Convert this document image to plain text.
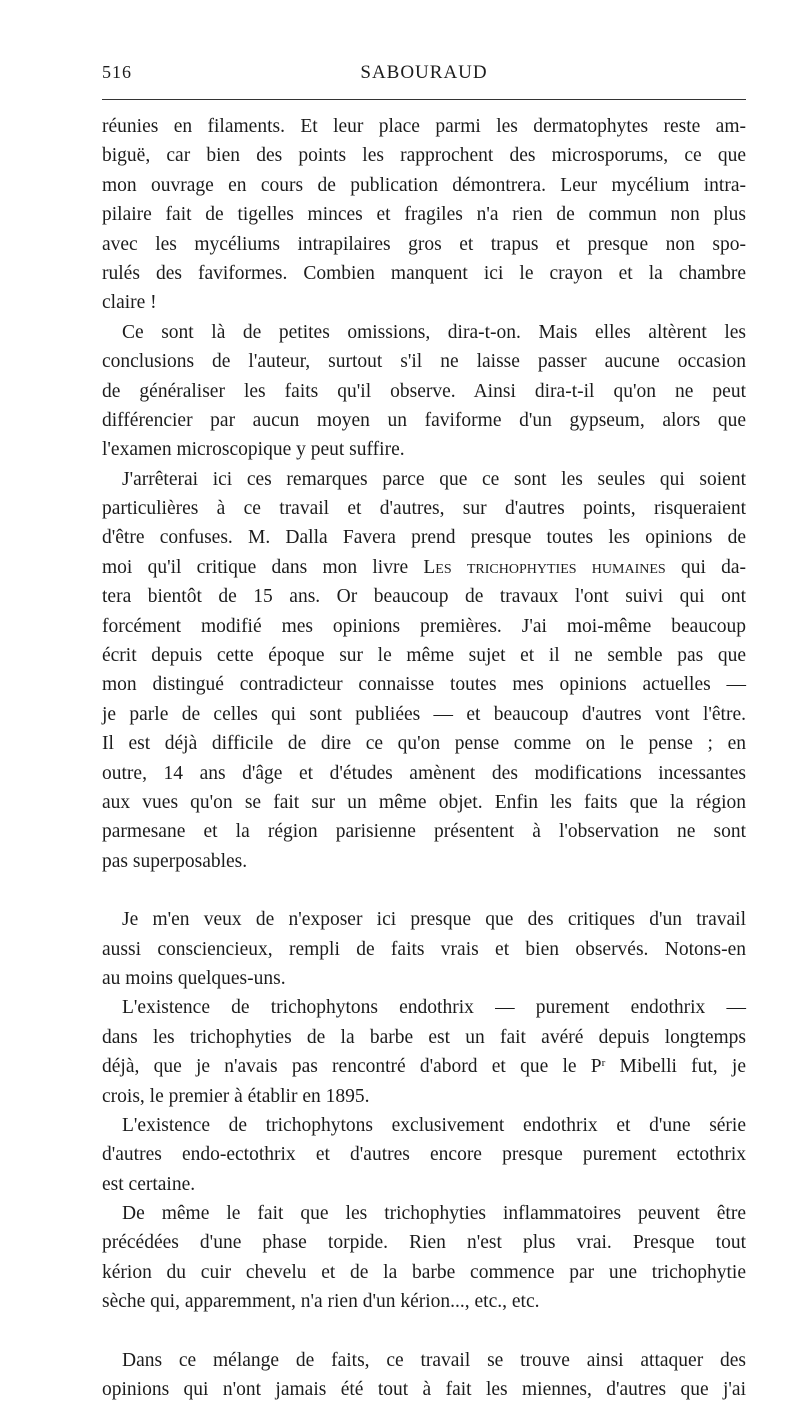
516	SABOURAUD
réunies en filaments. Et leur place parmi les dermatophytes reste am-
biguë, car bien des points les rapprochent des microsporums, ce que
mon ouvrage en cours de publication démontrera. Leur mycélium intra-
pilaire fait de tigelles minces et fragiles n'a rien de commun non plus
avec les mycéliums intrapilaires gros et trapus et presque non spo-
rulés des faviformes. Combien manquent ici le crayon et la chambre
claire !
Ce sont là de petites omissions, dira-t-on. Mais elles altèrent les
conclusions de l'auteur, surtout s'il ne laisse passer aucune occasion
de généraliser les faits qu'il observe. Ainsi dira-t-il qu'on ne peut
différencier par aucun moyen un faviforme d'un gypseum, alors que
l'examen microscopique y peut suffire.
J'arrêterai ici ces remarques parce que ce sont les seules qui soient
particulières à ce travail et d'autres, sur d'autres points, risqueraient
d'être confuses. M. Dalla Favera prend presque toutes les opinions de
moi qu'il critique dans mon livre Les trichophyties humaines qui da-
tera bientôt de 15 ans. Or beaucoup de travaux l'ont suivi qui ont
forcément modifié mes opinions premières. J'ai moi-même beaucoup
écrit depuis cette époque sur le même sujet et il ne semble pas que
mon distingué contradicteur connaisse toutes mes opinions actuelles —
je parle de celles qui sont publiées — et beaucoup d'autres vont l'être.
Il est déjà difficile de dire ce qu'on pense comme on le pense ; en
outre, 14 ans d'âge et d'études amènent des modifications incessantes
aux vues qu'on se fait sur un même objet. Enfin les faits que la région
parmesane et la région parisienne présentent à l'observation ne sont
pas superposables.
Je m'en veux de n'exposer ici presque que des critiques d'un travail
aussi consciencieux, rempli de faits vrais et bien observés. Notons-en
au moins quelques-uns.
L'existence de trichophytons endothrix — purement endothrix —
dans les trichophyties de la barbe est un fait avéré depuis longtemps
déjà, que je n'avais pas rencontré d'abord et que le $P^r$ Mibelli fut, je
crois, le premier à établir en 1895.
L'existence de trichophytons exclusivement endothrix et d'une série
d'autres endo-ectothrix et d'autres encore presque purement ectothrix
est certaine.
De même le fait que les trichophyties inflammatoires peuvent être
précédées d'une phase torpide. Rien n'est plus vrai. Presque tout
kérion du cuir chevelu et de la barbe commence par une trichophytie
sèche qui, apparemment, n'a rien d'un kérion..., etc., etc.
Dans ce mélange de faits, ce travail se trouve ainsi attaquer des
opinions qui n'ont jamais été tout à fait les miennes, d'autres que j'ai
